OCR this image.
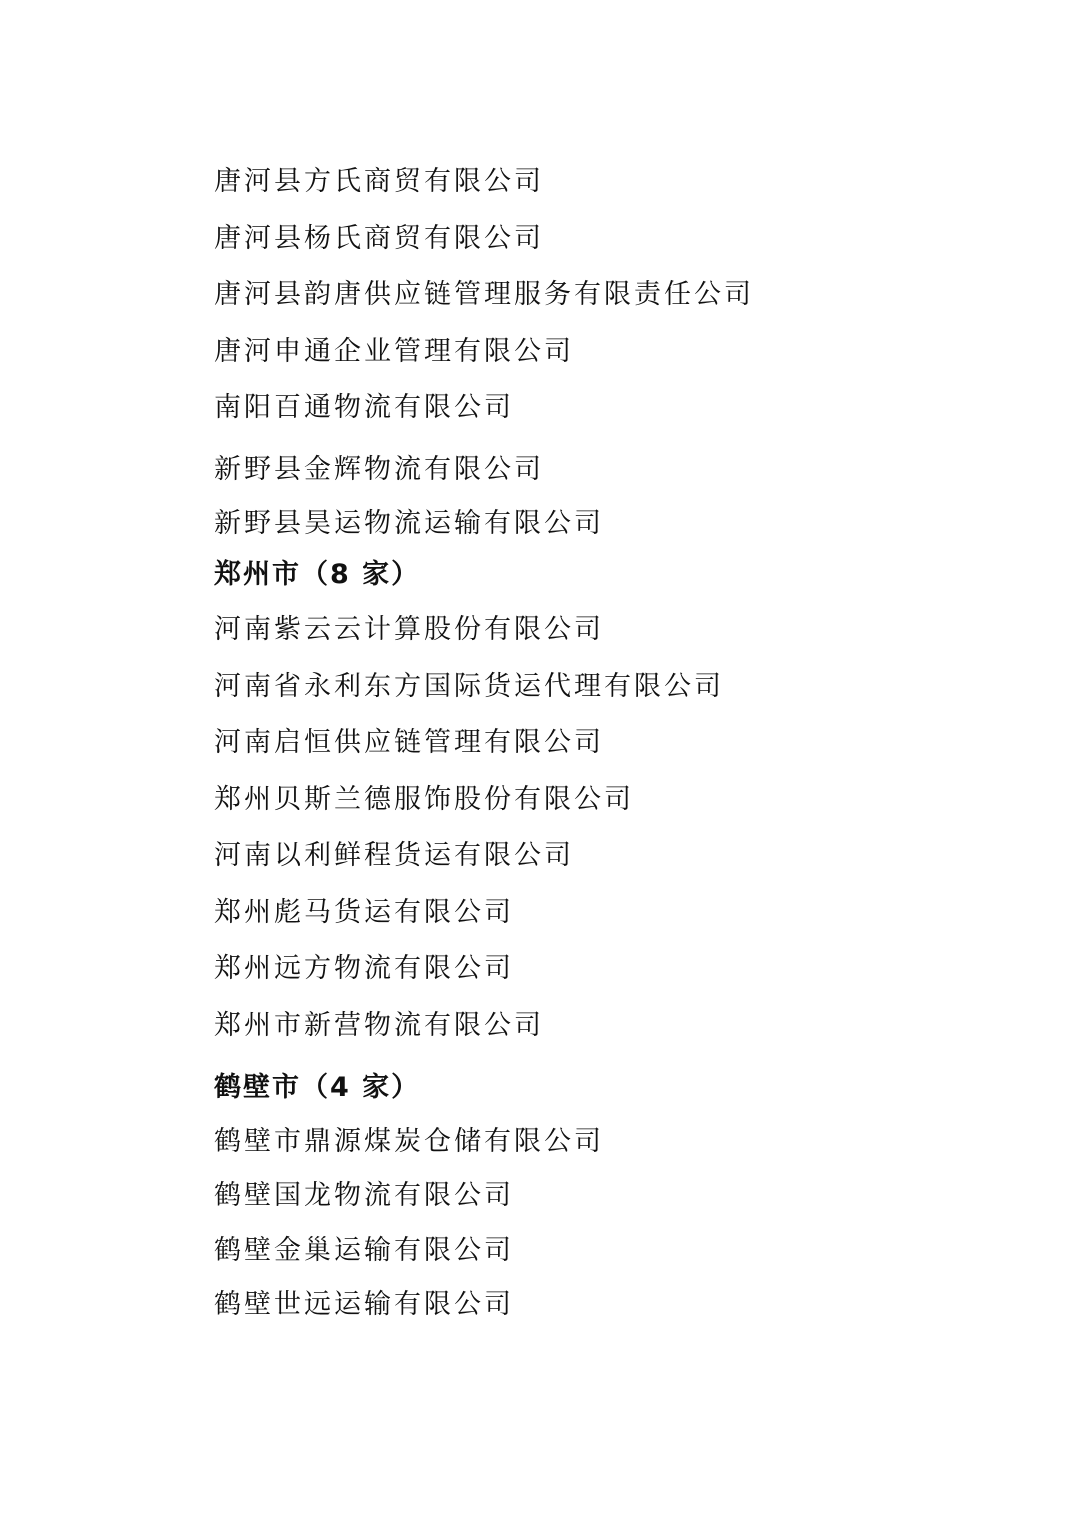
唐河县方氏商贸有限公司
唐河县杨氏商贸有限公司
唐河县韵唐供应链管理服务有限责任公司
唐河申通企业管理有限公司
南阳百通物流有限公司
新野县金辉物流有限公司
新野县昊运物流运输有限公司
郑州市（8 家）
河南紫云云计算股份有限公司
河南省永利东方国际货运代理有限公司
河南启恒供应链管理有限公司
郑州贝斯兰德服饰股份有限公司
河南以利鲜程货运有限公司
郑州彪马货运有限公司
郑州远方物流有限公司
郑州市新营物流有限公司
鹤壁市（4 家）
鹤壁市鼎源煤炭仓储有限公司
鹤壁国龙物流有限公司
鹤壁金巢运输有限公司
鹤壁世远运输有限公司
